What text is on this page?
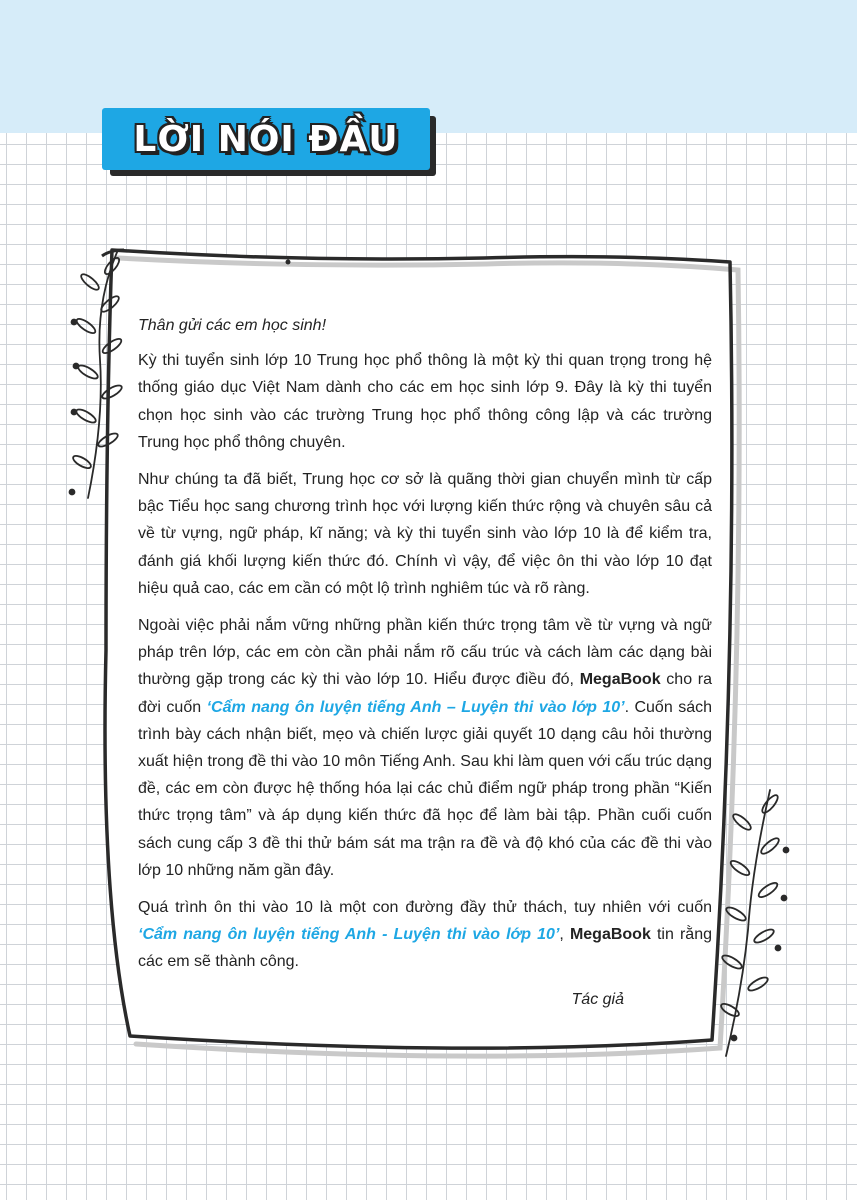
LỜI NÓI ĐẦU

Thân gửi các em học sinh!

Kỳ thi tuyển sinh lớp 10 Trung học phổ thông là một kỳ thi quan trọng trong hệ thống giáo dục Việt Nam dành cho các em học sinh lớp 9. Đây là kỳ thi tuyển chọn học sinh vào các trường Trung học phổ thông công lập và các trường Trung học phổ thông chuyên.

Như chúng ta đã biết, Trung học cơ sở là quãng thời gian chuyển mình từ cấp bậc Tiểu học sang chương trình học với lượng kiến thức rộng và chuyên sâu cả về từ vựng, ngữ pháp, kĩ năng; và kỳ thi tuyển sinh vào lớp 10 là để kiểm tra, đánh giá khối lượng kiến thức đó. Chính vì vậy, để việc ôn thi vào lớp 10 đạt hiệu quả cao, các em cần có một lộ trình nghiêm túc và rõ ràng.

Ngoài việc phải nắm vững những phần kiến thức trọng tâm về từ vựng và ngữ pháp trên lớp, các em còn cần phải nắm rõ cấu trúc và cách làm các dạng bài thường gặp trong các kỳ thi vào lớp 10. Hiểu được điều đó, MegaBook cho ra đời cuốn ‘Cẩm nang ôn luyện tiếng Anh – Luyện thi vào lớp 10’. Cuốn sách trình bày cách nhận biết, mẹo và chiến lược giải quyết 10 dạng câu hỏi thường xuất hiện trong đề thi vào 10 môn Tiếng Anh. Sau khi làm quen với cấu trúc dạng đề, các em còn được hệ thống hóa lại các chủ điểm ngữ pháp trong phần “Kiến thức trọng tâm” và áp dụng kiến thức đã học để làm bài tập. Phần cuối cuốn sách cung cấp 3 đề thi thử bám sát ma trận ra đề và độ khó của các đề thi vào lớp 10 những năm gần đây.

Quá trình ôn thi vào 10 là một con đường đầy thử thách, tuy nhiên với cuốn ‘Cẩm nang ôn luyện tiếng Anh - Luyện thi vào lớp 10’, MegaBook tin rằng các em sẽ thành công.

Tác giả
